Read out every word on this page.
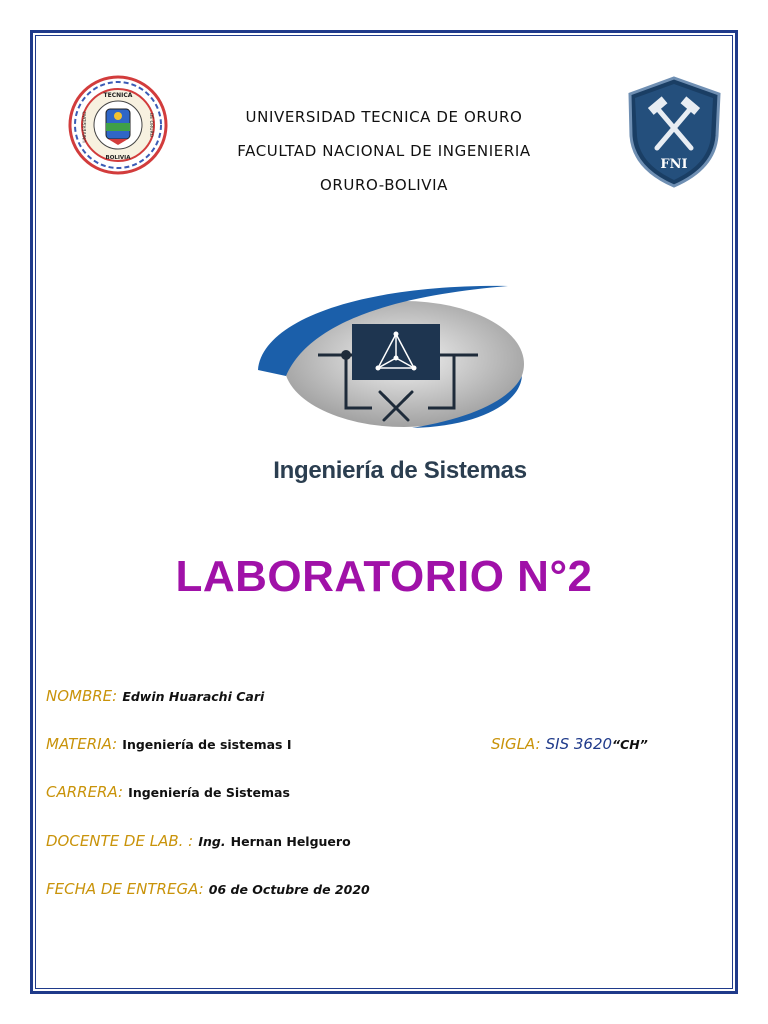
TECNICA
BOLIVIA
UNIVERSIDAD	DE ORURO	UNIVERSIDAD TECNICA DE ORURO
FACULTAD NACIONAL DE INGENIERIA
ORURO-BOLIVIA
FNI
Ingeniería de Sistemas
LABORATORIO N°2
NOMBRE: Edwin Huarachi Cari
MATERIA: Ingeniería de sistemas I	SIGLA: SIS 3620“CH”
CARRERA: Ingeniería de Sistemas
DOCENTE DE LAB. : Ing. Hernan Helguero
FECHA DE ENTREGA: 06 de Octubre de 2020
